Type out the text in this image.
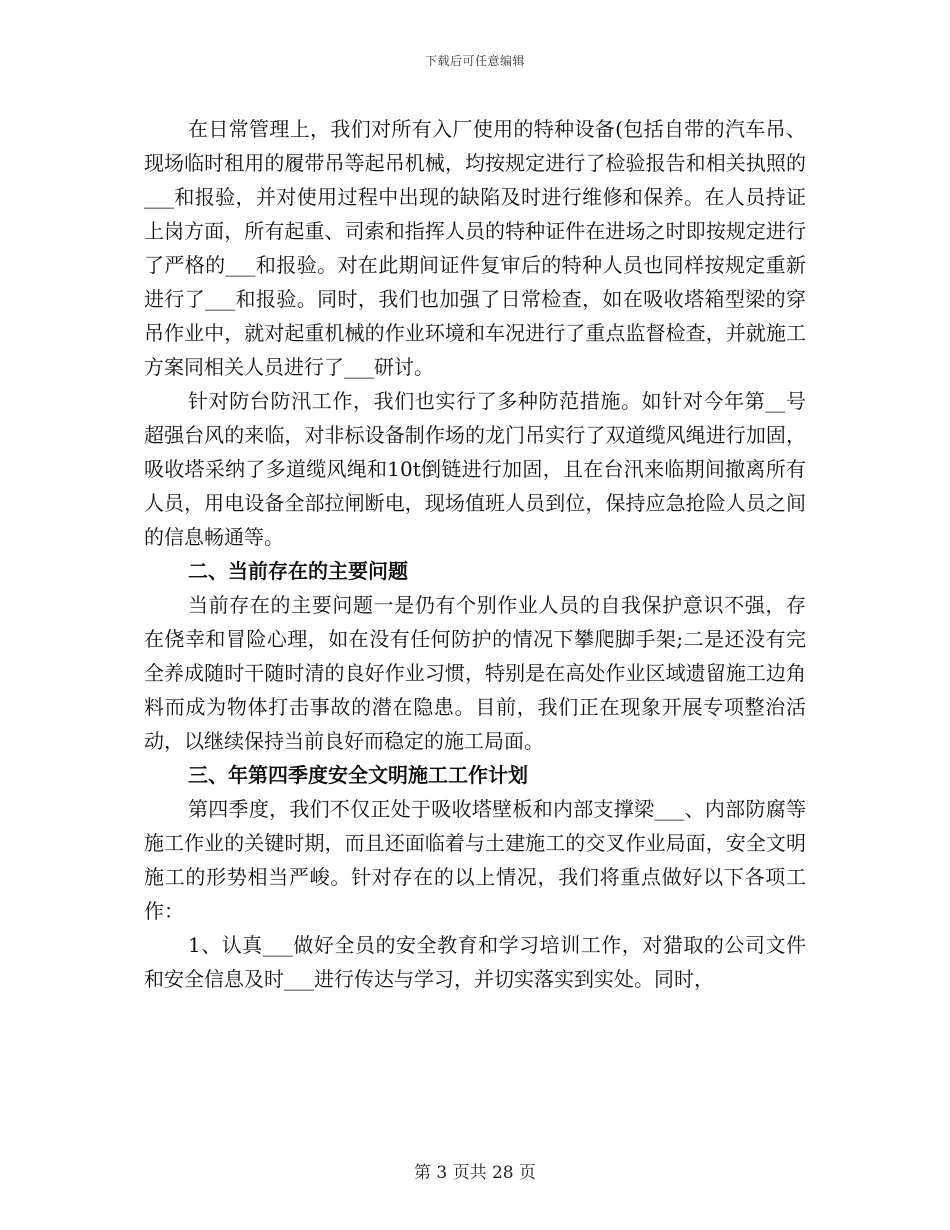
下载后可任意编辑

在日常管理上，我们对所有入厂使用的特种设备(包括自带的汽车吊、现场临时租用的履带吊等起吊机械，均按规定进行了检验报告和相关执照的___和报验，并对使用过程中出现的缺陷及时进行维修和保养。在人员持证上岗方面，所有起重、司索和指挥人员的特种证件在进场之时即按规定进行了严格的___和报验。对在此期间证件复审后的特种人员也同样按规定重新进行了___和报验。同时，我们也加强了日常检查，如在吸收塔箱型梁的穿吊作业中，就对起重机械的作业环境和车况进行了重点监督检查，并就施工方案同相关人员进行了___研讨。

针对防台防汛工作，我们也实行了多种防范措施。如针对今年第__号超强台风的来临，对非标设备制作场的龙门吊实行了双道缆风绳进行加固，吸收塔采纳了多道缆风绳和10t倒链进行加固，且在台汛来临期间撤离所有人员，用电设备全部拉闸断电，现场值班人员到位，保持应急抢险人员之间的信息畅通等。

二、当前存在的主要问题

当前存在的主要问题一是仍有个别作业人员的自我保护意识不强，存在侥幸和冒险心理，如在没有任何防护的情况下攀爬脚手架;二是还没有完全养成随时干随时清的良好作业习惯，特别是在高处作业区域遗留施工边角料而成为物体打击事故的潜在隐患。目前，我们正在现象开展专项整治活动，以继续保持当前良好而稳定的施工局面。

三、年第四季度安全文明施工工作计划

第四季度，我们不仅正处于吸收塔壁板和内部支撑梁___、内部防腐等施工作业的关键时期，而且还面临着与土建施工的交叉作业局面，安全文明施工的形势相当严峻。针对存在的以上情况，我们将重点做好以下各项工作：

1、认真___做好全员的安全教育和学习培训工作，对猎取的公司文件和安全信息及时___进行传达与学习，并切实落实到实处。同时，

第 3 页共 28 页
